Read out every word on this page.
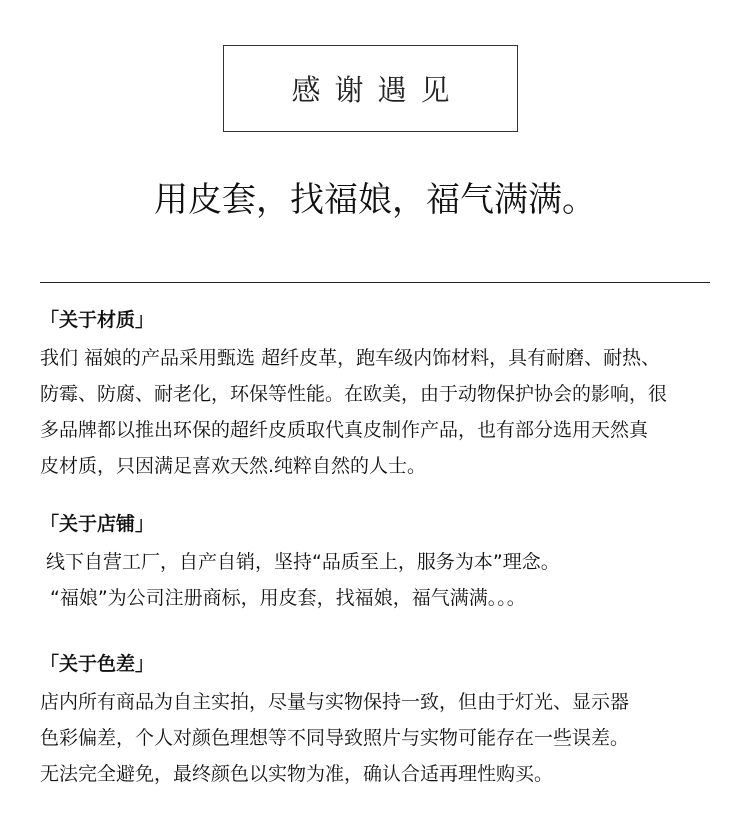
感谢遇见
用皮套，找福娘，福气满满。
「关于材质」

我们 福娘的产品采用甄选 超纤皮革，跑车级内饰材料，具有耐磨、耐热、

防霉、防腐、耐老化，环保等性能。在欧美，由于动物保护协会的影响，很

多品牌都以推出环保的超纤皮质取代真皮制作产品，也有部分选用天然真

皮材质，只因满足喜欢天然.纯粹自然的人士。

「关于店铺」

线下自营工厂，自产自销，坚持“品质至上，服务为本”理念。

“福娘”为公司注册商标，用皮套，找福娘，福气满满。。。

「关于色差」

店内所有商品为自主实拍，尽量与实物保持一致，但由于灯光、显示器

色彩偏差，个人对颜色理想等不同导致照片与实物可能存在一些误差。

无法完全避免，最终颜色以实物为准，确认合适再理性购买。
